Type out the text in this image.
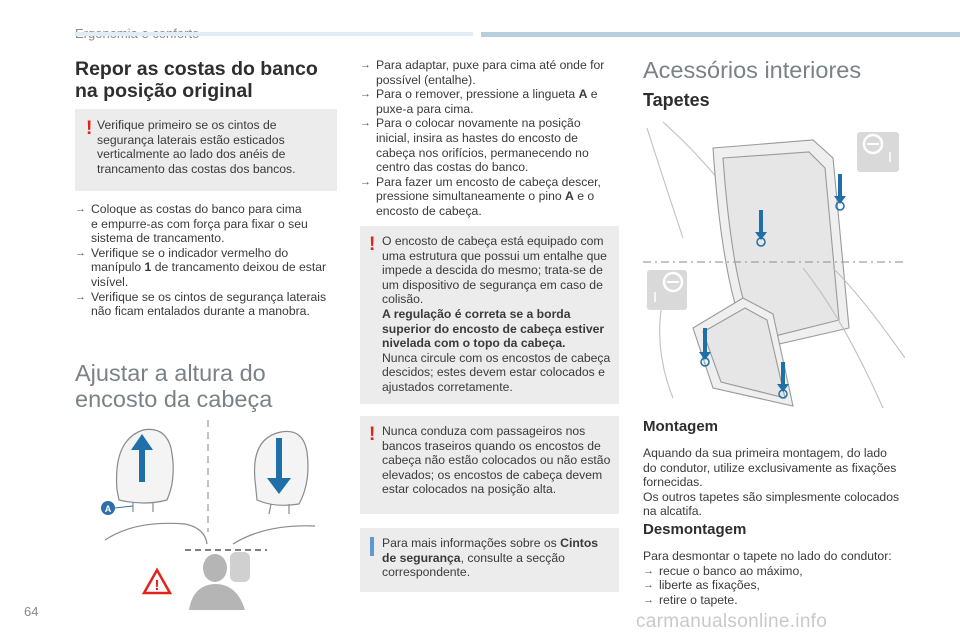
Repor as costas do banco
na posição original
! Verifique primeiro se os cintos de
segurança laterais estão esticados
verticalmente ao lado dos anéis de
trancamento das costas dos bancos.
→ Coloque as costas do banco para cima
e empurre-as com força para fixar o seu
sistema de trancamento.
→ Verifique se o indicador vermelho do
manípulo 1 de trancamento deixou de estar
visível.
→ Verifique se os cintos de segurança laterais
não ficam entalados durante a manobra.
Ajustar a altura do
encosto da cabeça
A
!
→ Para adaptar, puxe para cima até onde for
possível (entalhe).
→ Para o remover, pressione a lingueta A e
puxe-a para cima.
→ Para o colocar novamente na posição
inicial, insira as hastes do encosto de
cabeça nos orifícios, permanecendo no
centro das costas do banco.
→ Para fazer um encosto de cabeça descer,
pressione simultaneamente o pino A e o
encosto de cabeça.
! O encosto de cabeça está equipado com
uma estrutura que possui um entalhe que
impede a descida do mesmo; trata-se de
um dispositivo de segurança em caso de
colisão.
A regulação é correta se a borda
superior do encosto de cabeça estiver
nivelada com o topo da cabeça.
Nunca circule com os encostos de cabeça
descidos; estes devem estar colocados e
ajustados corretamente.
! Nunca conduza com passageiros nos
bancos traseiros quando os encostos de
cabeça não estão colocados ou não estão
elevados; os encostos de cabeça devem
estar colocados na posição alta.
Para mais informações sobre os Cintos
de segurança, consulte a secção
correspondente.
Acessórios interiores
Tapetes
Montagem
Aquando da sua primeira montagem, do lado
do condutor, utilize exclusivamente as fixações
fornecidas.
Os outros tapetes são simplesmente colocados
na alcatifa.
Desmontagem
Para desmontar o tapete no lado do condutor:
→ recue o banco ao máximo,
→ liberte as fixações,
→ retire o tapete.
64	carmanualsonline.info
